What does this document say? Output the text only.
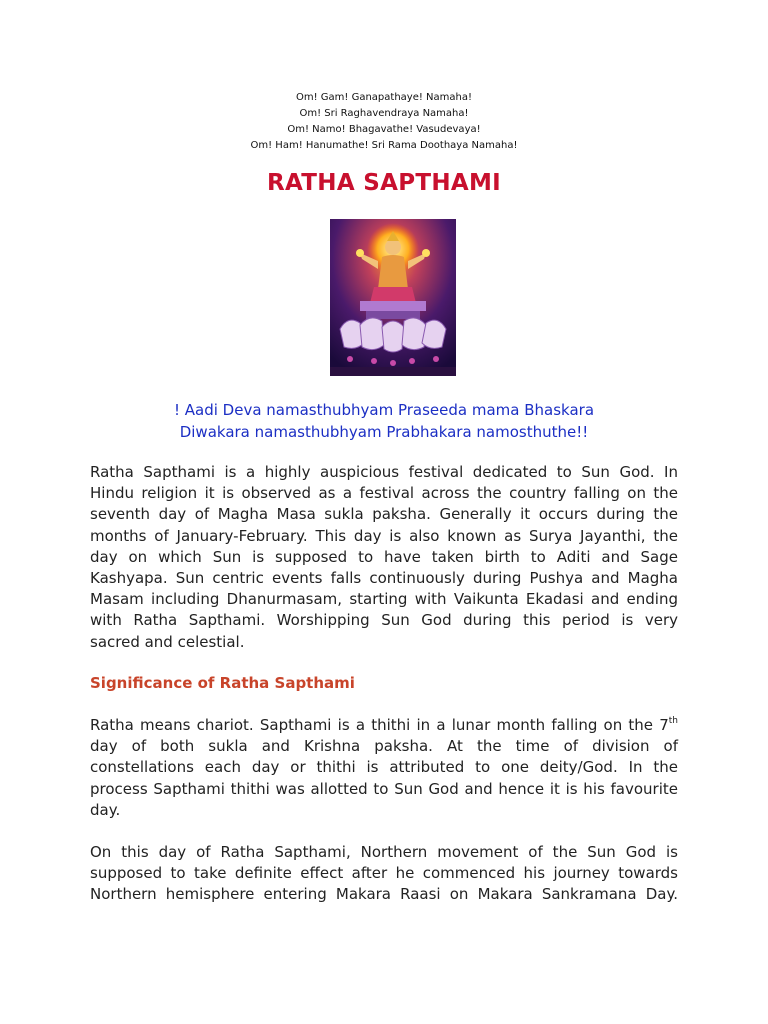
Om! Gam! Ganapathaye! Namaha!
Om! Sri Raghavendraya Namaha!
Om! Namo! Bhagavathe! Vasudevaya!
Om! Ham! Hanumathe! Sri Rama Doothaya Namaha!
RATHA SAPTHAMI
! Aadi Deva namasthubhyam Praseeda mama Bhaskara
Diwakara namasthubhyam Prabhakara namosthuthe!!
Ratha Sapthami is a highly auspicious festival dedicated to Sun God. In
Hindu religion it is observed as a festival across the country falling on the
seventh day of Magha Masa sukla paksha. Generally it occurs during the
months of January-February. This day is also known as Surya Jayanthi, the
day on which Sun is supposed to have taken birth to Aditi and Sage
Kashyapa. Sun centric events falls continuously during Pushya and Magha
Masam including Dhanurmasam, starting with Vaikunta Ekadasi and ending
with Ratha Sapthami. Worshipping Sun God during this period is very
sacred and celestial.
Significance of Ratha Sapthami
Ratha means chariot. Sapthami is a thithi in a lunar month falling on the 7th
day of both sukla and Krishna paksha. At the time of division of
constellations each day or thithi is attributed to one deity/God. In the
process Sapthami thithi was allotted to Sun God and hence it is his favourite
day.
On this day of Ratha Sapthami, Northern movement of the Sun God is
supposed to take definite effect after he commenced his journey towards
Northern hemisphere entering Makara Raasi on Makara Sankramana Day.
